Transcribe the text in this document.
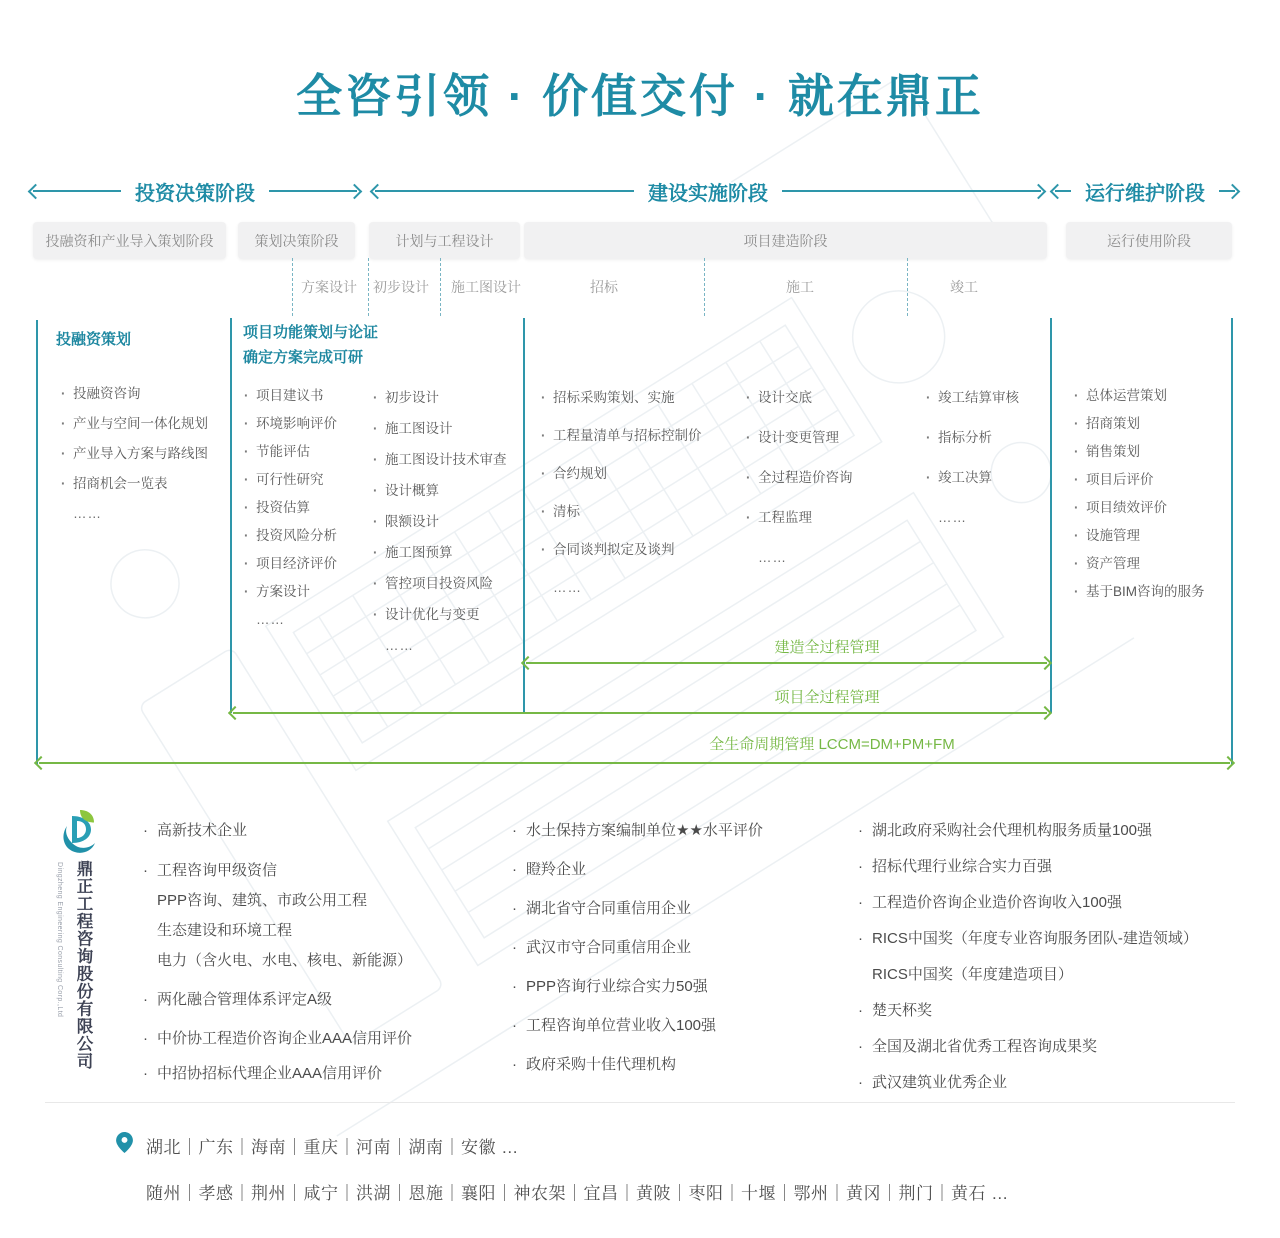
全咨引领 · 价值交付 · 就在鼎正
投资决策阶段	建设实施阶段	运行维护阶段
投融资和产业导入策划阶段	策划决策阶段	计划与工程设计	项目建造阶段	运行使用阶段
方案设计 初步设计 施工图设计	招标	施工	竣工
投融资策划	项目功能策划与论证
确定方案完成可研
· 投融资咨询
· 产业与空间一体化规划
· 产业导入方案与路线图
· 招商机会一览表
……
· 项目建议书
· 环境影响评价
· 节能评估
· 可行性研究
· 投资估算
· 投资风险分析
· 项目经济评价
· 方案设计
……
· 初步设计
· 施工图设计
· 施工图设计技术审查
· 设计概算
· 限额设计
· 施工图预算
· 管控项目投资风险
· 设计优化与变更
……
· 招标采购策划、实施
· 工程量清单与招标控制价
· 合约规划
· 清标
· 合同谈判拟定及谈判
……
· 设计交底
· 设计变更管理
· 全过程造价咨询
· 工程监理
……
· 竣工结算审核
· 指标分析
· 竣工决算
……
· 总体运营策划
· 招商策划
· 销售策划
· 项目后评价
· 项目绩效评价
· 设施管理
· 资产管理
· 基于BIM咨询的服务
建造全过程管理
项目全过程管理
全生命周期管理 LCCM=DM+PM+FM
鼎正工程咨询股份有限公司
Dingzheng Engineering Consulting Corp.,Ltd
· 高新技术企业
· 工程咨询甲级资信
PPP咨询、建筑、市政公用工程
生态建设和环境工程
电力（含火电、水电、核电、新能源）
· 两化融合管理体系评定A级
· 中价协工程造价咨询企业AAA信用评价
· 中招协招标代理企业AAA信用评价
· 水土保持方案编制单位★★水平评价
· 瞪羚企业
· 湖北省守合同重信用企业
· 武汉市守合同重信用企业
· PPP咨询行业综合实力50强
· 工程咨询单位营业收入100强
· 政府采购十佳代理机构
· 湖北政府采购社会代理机构服务质量100强
· 招标代理行业综合实力百强
· 工程造价咨询企业造价咨询收入100强
· RICS中国奖（年度专业咨询服务团队-建造领域）
RICS中国奖（年度建造项目）
· 楚天杯奖
· 全国及湖北省优秀工程咨询成果奖
· 武汉建筑业优秀企业
湖北｜广东｜海南｜重庆｜河南｜湖南｜安徽 …
随州｜孝感｜荆州｜咸宁｜洪湖｜恩施｜襄阳｜神农架｜宜昌｜黄陂｜枣阳｜十堰｜鄂州｜黄冈｜荆门｜黄石 …
